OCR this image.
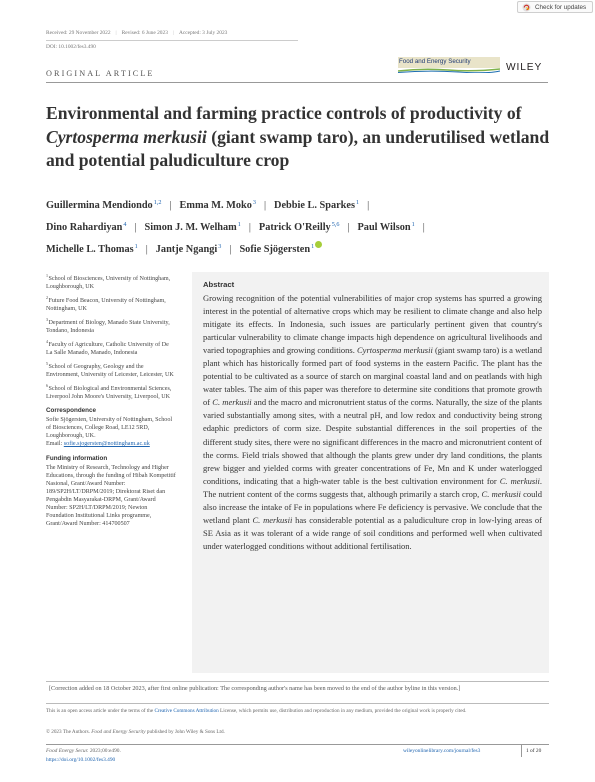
Received: 29 November 2022 | Revised: 6 June 2023 | Accepted: 3 July 2023
DOI: 10.1002/fes3.490
Check for updates
Food and Energy Security
WILEY
ORIGINAL ARTICLE
Environmental and farming practice controls of productivity of Cyrtosperma merkusii (giant swamp taro), an underutilised wetland and potential paludiculture crop
Guillermina Mendiondo$^{1,2}$ | Emma M. Moko$^3$ | Debbie L. Sparkes$^1$ |
Dino Rahardiyan$^4$ | Simon J. M. Welham$^1$ | Patrick O'Reilly$^{5,6}$ | Paul Wilson$^1$ |
Michelle L. Thomas$^1$ | Jantje Ngangi$^3$ | Sofie Sjögersten$^1$
$^1$School of Biosciences, University of Nottingham, Loughborough, UK
$^2$Future Food Beacon, University of Nottingham, Nottingham, UK
$^3$Department of Biology, Manado State University, Tondano, Indonesia
$^4$Faculty of Agriculture, Catholic University of De La Salle Manado, Manado, Indonesia
$^5$School of Geography, Geology and the Environment, University of Leicester, Leicester, UK
$^6$School of Biological and Environmental Sciences, Liverpool John Moore's University, Liverpool, UK
Correspondence
Sofie Sjögersten, University of Nottingham, School of Biosciences, College Road, LE12 5RD, Loughborough, UK.
Email: sofie.sjogersten@nottingham.ac.uk
Funding information
The Ministry of Research, Technology and Higher Educations, through the funding of Hibah Kompetitif Nasional, Grant/Award Number: 189/SP2H/LT/DRPM/2019; Direktorat Riset dan Pengabdin Masyarakat-DRPM, Grant/Award Number: SP2H/LT/DRPM/2019; Newton Foundation Institutional Links programme, Grant/Award Number: 414700507
Abstract

Growing recognition of the potential vulnerabilities of major crop systems has spurred a growing interest in the potential of alternative crops which may be resilient to climate change and also help mitigate its effects. In Indonesia, such issues are particularly pertinent given that country's particular vulnerability to climate change impacts high dependence on agricultural livelihoods and varied topographies and growing conditions. Cyrtosperma merkusii (giant swamp taro) is a wetland plant which has historically formed part of food systems in the eastern Pacific. The plant has the potential to be cultivated as a source of starch on marginal coastal land and on peatlands with high water tables. The aim of this paper was therefore to determine site conditions that promote growth of C. merkusii and the macro and micronutrient status of the corms. Naturally, the size of the plants varied substantially among sites, with a neutral pH, and low redox and conductivity being strong edaphic predictors of corm size. Despite substantial differences in the soil properties of the different study sites, there were no significant differences in the macro and micronutrient content of the corms. Field trials showed that although the plants grew under dry land conditions, the plants grew bigger and yielded corms with greater concentrations of Fe, Mn and K under waterlogged conditions, indicating that a high-water table is the best cultivation environment for C. merkusii. The nutrient content of the corms suggests that, although primarily a starch crop, C. merkusii could also increase the intake of Fe in populations where Fe deficiency is pervasive. We conclude that the wetland plant C. merkusii has considerable potential as a paludiculture crop in low-lying areas of SE Asia as it was tolerant of a wide range of soil conditions and performed well when cultivated under waterlogged conditions without additional fertilisation.

[Correction added on 18 October 2023, after first online publication: The corresponding author's name has been moved to the end of the author byline in this version.]
This is an open access article under the terms of the Creative Commons Attribution License, which permits use, distribution and reproduction in any medium, provided the original work is properly cited.
© 2023 The Authors. Food and Energy Security published by John Wiley & Sons Ltd.
Food Energy Secur. 2023;00:e490.
https://doi.org/10.1002/fes3.490
wileyonlinelibrary.com/journal/fes3	1 of 20
